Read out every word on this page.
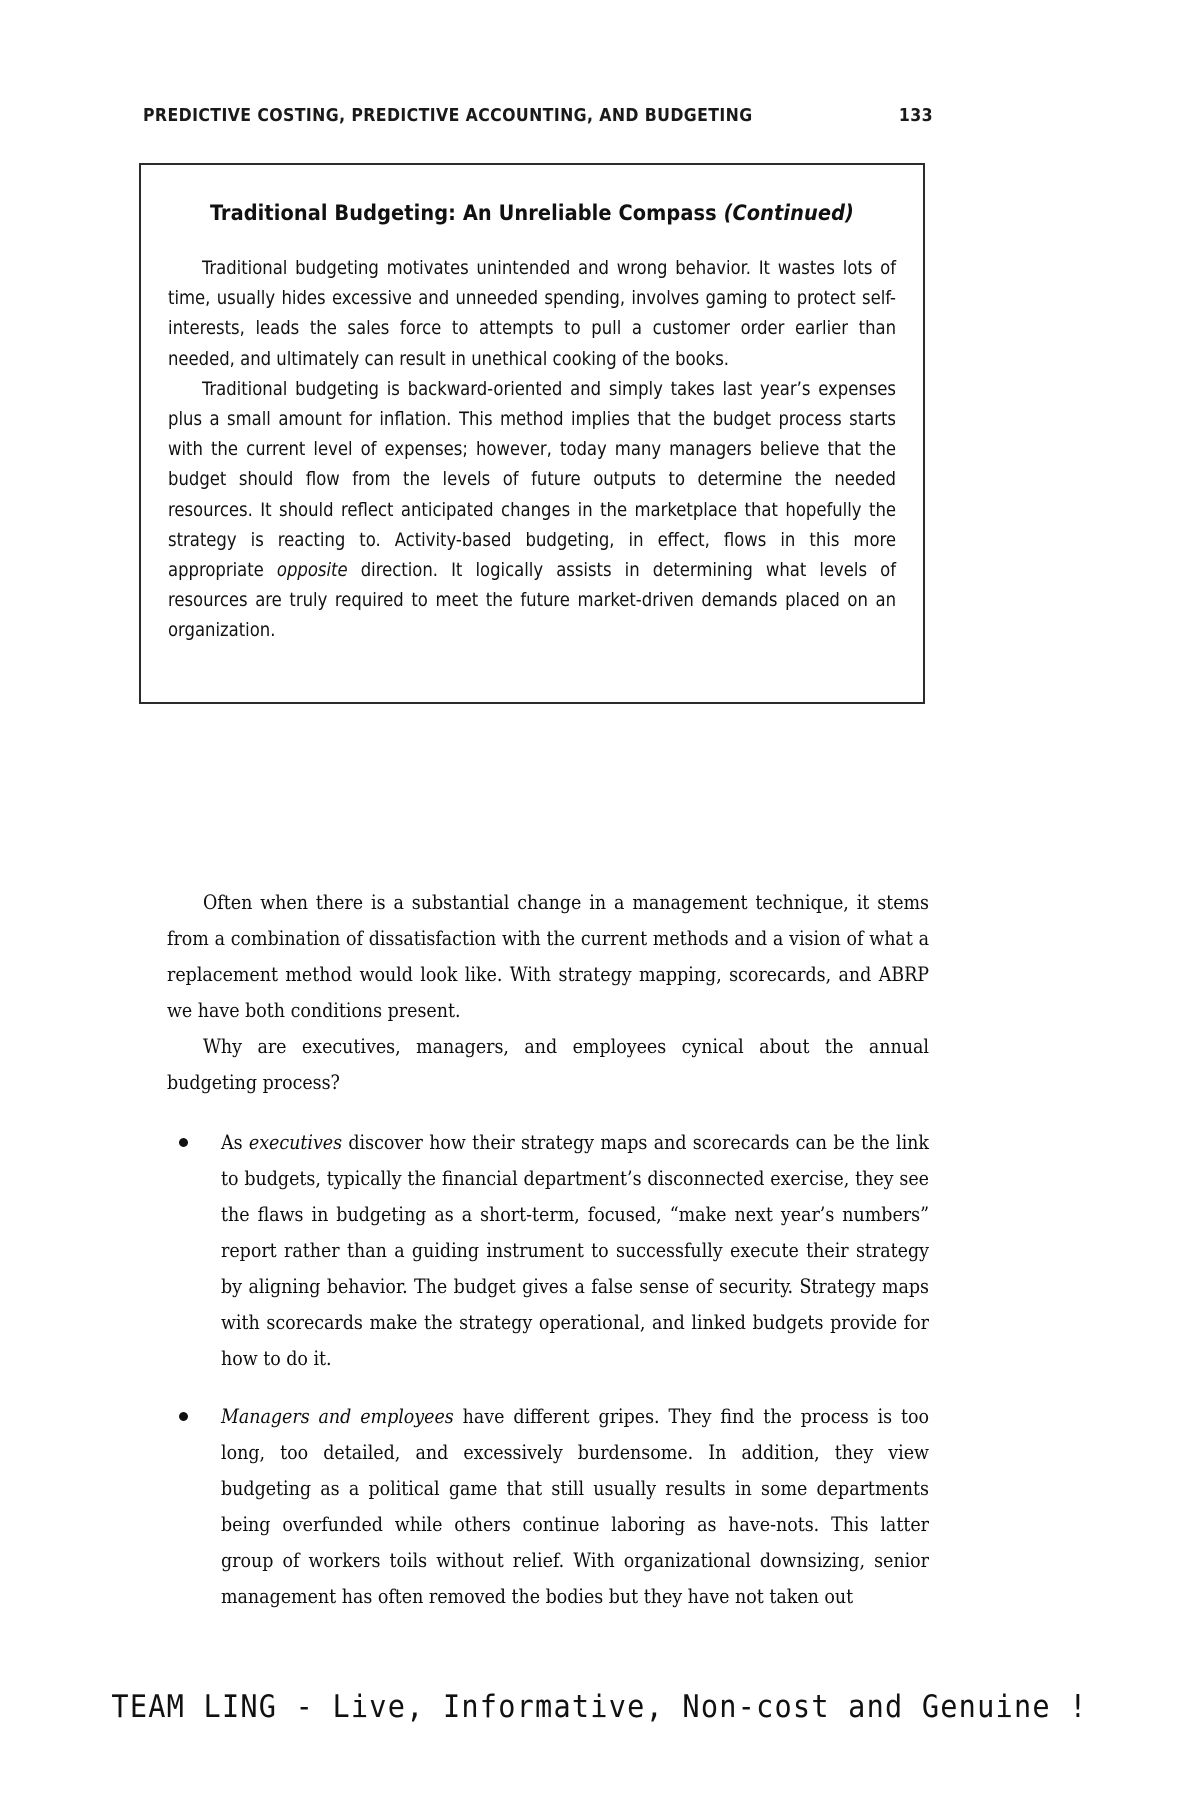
PREDICTIVE COSTING, PREDICTIVE ACCOUNTING, AND BUDGETING	133
Traditional Budgeting: An Unreliable Compass (Continued)

Traditional budgeting motivates unintended and wrong behavior. It wastes lots of time, usually hides excessive and unneeded spending, involves gaming to protect self-interests, leads the sales force to attempts to pull a customer order earlier than needed, and ultimately can result in unethical cooking of the books.

Traditional budgeting is backward-oriented and simply takes last year’s expenses plus a small amount for inflation. This method implies that the budget process starts with the current level of expenses; however, today many managers believe that the budget should flow from the levels of future outputs to determine the needed resources. It should reflect anticipated changes in the marketplace that hopefully the strategy is reacting to. Activity-based budgeting, in effect, flows in this more appropriate opposite direction. It logically assists in determining what levels of resources are truly required to meet the future market-driven demands placed on an organization.

Often when there is a substantial change in a management technique, it stems from a combination of dissatisfaction with the current methods and a vision of what a replacement method would look like. With strategy mapping, scorecards, and ABRP we have both conditions present.

Why are executives, managers, and employees cynical about the annual budgeting process?

As executives discover how their strategy maps and scorecards can be the link to budgets, typically the financial department’s disconnected exercise, they see the flaws in budgeting as a short-term, focused, “make next year’s numbers” report rather than a guiding instrument to successfully execute their strategy by aligning behavior. The budget gives a false sense of security. Strategy maps with scorecards make the strategy operational, and linked budgets provide for how to do it.

Managers and employees have different gripes. They find the process is too long, too detailed, and excessively burdensome. In addition, they view budgeting as a political game that still usually results in some departments being overfunded while others continue laboring as have-nots. This latter group of workers toils without relief. With organizational downsizing, senior management has often removed the bodies but they have not taken out

TEAM LING - Live, Informative, Non-cost and Genuine !
